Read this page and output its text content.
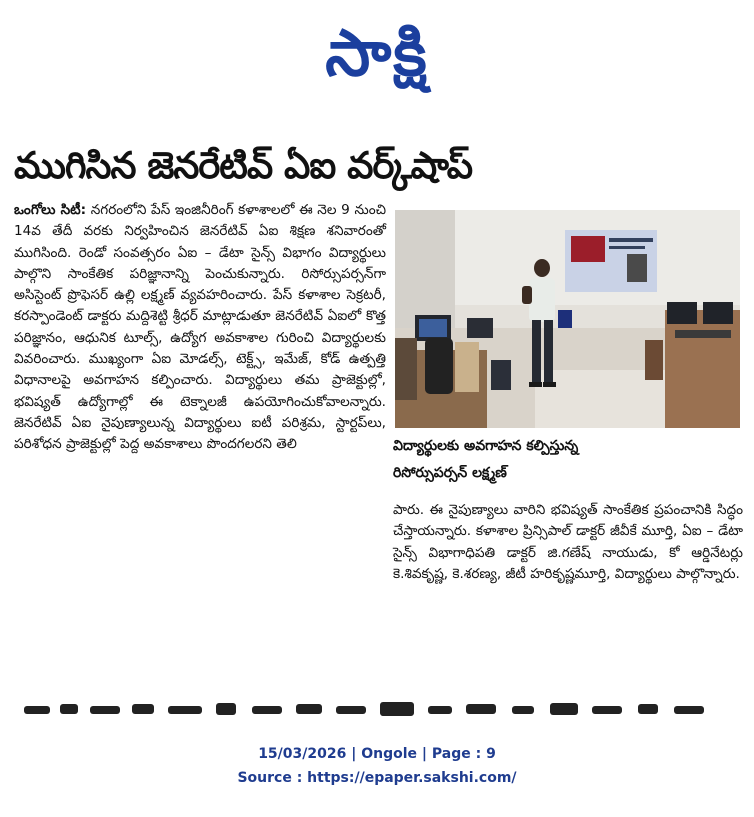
సాక్షి
ముగిసిన జెనరేటివ్ ఏఐ వర్క్‌షాప్

ఒంగోలు సిటీ: నగరంలోని పేస్ ఇంజినీరింగ్ కళాశాలలో ఈ నెల 9 నుంచి 14వ తేదీ వరకు నిర్వహించిన జెనరేటివ్ ఏఐ శిక్షణ శనివారంతో ముగిసింది. రెండో సంవత్సరం ఏఐ – డేటా సైన్స్ విభాగం విద్యార్థులు పాల్గొని సాంకేతిక పరిజ్ఞానాన్ని పెంచుకున్నారు. రిసోర్సుపర్సన్‌గా అసిస్టెంట్ ప్రొఫెసర్ ఉల్లి లక్ష్మణ్ వ్యవహరించారు. పేస్ కళాశాల సెక్రటరీ, కరస్పాండెంట్ డాక్టరు మద్దిశెట్టి శ్రీధర్ మాట్లాడుతూ జెనరేటివ్ ఏఐలో కొత్త పరిజ్ఞానం, ఆధునిక టూల్స్, ఉద్యోగ అవకాశాల గురించి విద్యార్థులకు వివరించారు. ముఖ్యంగా ఏఐ మోడల్స్, టెక్ట్స్, ఇమేజ్, కోడ్ ఉత్పత్తి విధానాలపై అవగాహన కల్పించారు. విద్యార్థులు తమ ప్రాజెక్టుల్లో, భవిష్యత్ ఉద్యోగాల్లో ఈ టెక్నాలజీ ఉపయోగించుకోవాలన్నారు. జెనరేటివ్ ఏఐ నైపుణ్యాలున్న విద్యార్థులు ఐటీ పరిశ్రమ, స్టార్టప్‌లు, పరిశోధన ప్రాజెక్టుల్లో పెద్ద అవకాశాలు పొందగలరని తెలి	విద్యార్థులకు అవగాహన కల్పిస్తున్న
రిసోర్సుపర్సన్ లక్ష్మణ్

పారు. ఈ నైపుణ్యాలు వారిని భవిష్యత్ సాంకేతిక ప్రపంచానికి సిద్ధం చేస్తాయన్నారు. కళాశాల ప్రిన్సిపాల్ డాక్టర్ జీవీకే మూర్తి, ఏఐ – డేటా సైన్స్ విభాగాధిపతి డాక్టర్ జి.గణేష్ నాయుడు, కో ఆర్డినేటర్లు కె.శివకృష్ణ, కె.శరణ్య, జీటీ హరికృష్ణమూర్తి, విద్యార్థులు పాల్గొన్నారు.

15/03/2026 | Ongole | Page : 9
Source : https://epaper.sakshi.com/
